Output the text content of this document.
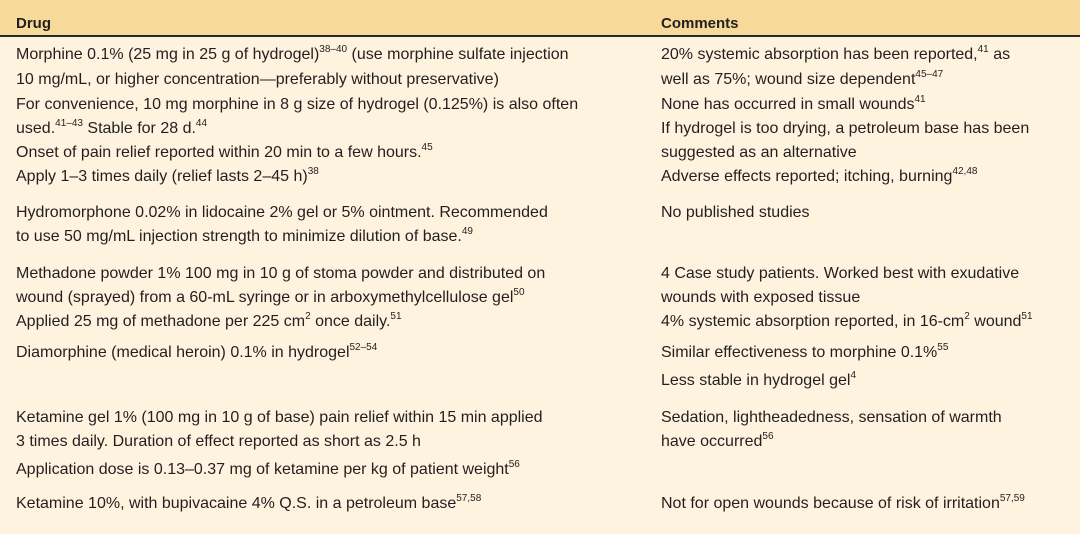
Drug	Comments
Morphine 0.1% (25 mg in 25 g of hydrogel)$^{38-40}$ (use morphine sulfate injection
10 mg/mL, or higher concentration—preferably without preservative)
For convenience, 10 mg morphine in 8 g size of hydrogel (0.125%) is also often
used.$^{41-43}$ Stable for 28 d.$^{44}$
Onset of pain relief reported within 20 min to a few hours.$^{45}$
Apply 1–3 times daily (relief lasts 2–45 h)$^{38}$
Hydromorphone 0.02% in lidocaine 2% gel or 5% ointment. Recommended
to use 50 mg/mL injection strength to minimize dilution of base.$^{49}$
Methadone powder 1% 100 mg in 10 g of stoma powder and distributed on
wound (sprayed) from a 60-mL syringe or in arboxymethylcellulose gel$^{50}$
Applied 25 mg of methadone per 225 $cm^2$ once daily.$^{51}$
Diamorphine (medical heroin) 0.1% in hydrogel$^{52-54}$
Ketamine gel 1% (100 mg in 10 g of base) pain relief within 15 min applied
3 times daily. Duration of effect reported as short as 2.5 h
Application dose is 0.13–0.37 mg of ketamine per kg of patient weight$^{56}$
Ketamine 10%, with bupivacaine 4% Q.S. in a petroleum base$^{57,58}$
20% systemic absorption has been reported,$^{41}$ as
well as 75%; wound size dependent$^{45-47}$
None has occurred in small wounds$^{41}$
If hydrogel is too drying, a petroleum base has been
suggested as an alternative
Adverse effects reported; itching, burning$^{42,48}$
No published studies
4 Case study patients. Worked best with exudative
wounds with exposed tissue
4% systemic absorption reported, in $16-cm^2$ wound$^{51}$
Similar effectiveness to morphine 0.1%$^{55}$
Less stable in hydrogel gel$^4$
Sedation, lightheadedness, sensation of warmth
have occurred$^{56}$
Not for open wounds because of risk of irritation$^{57,59}$
